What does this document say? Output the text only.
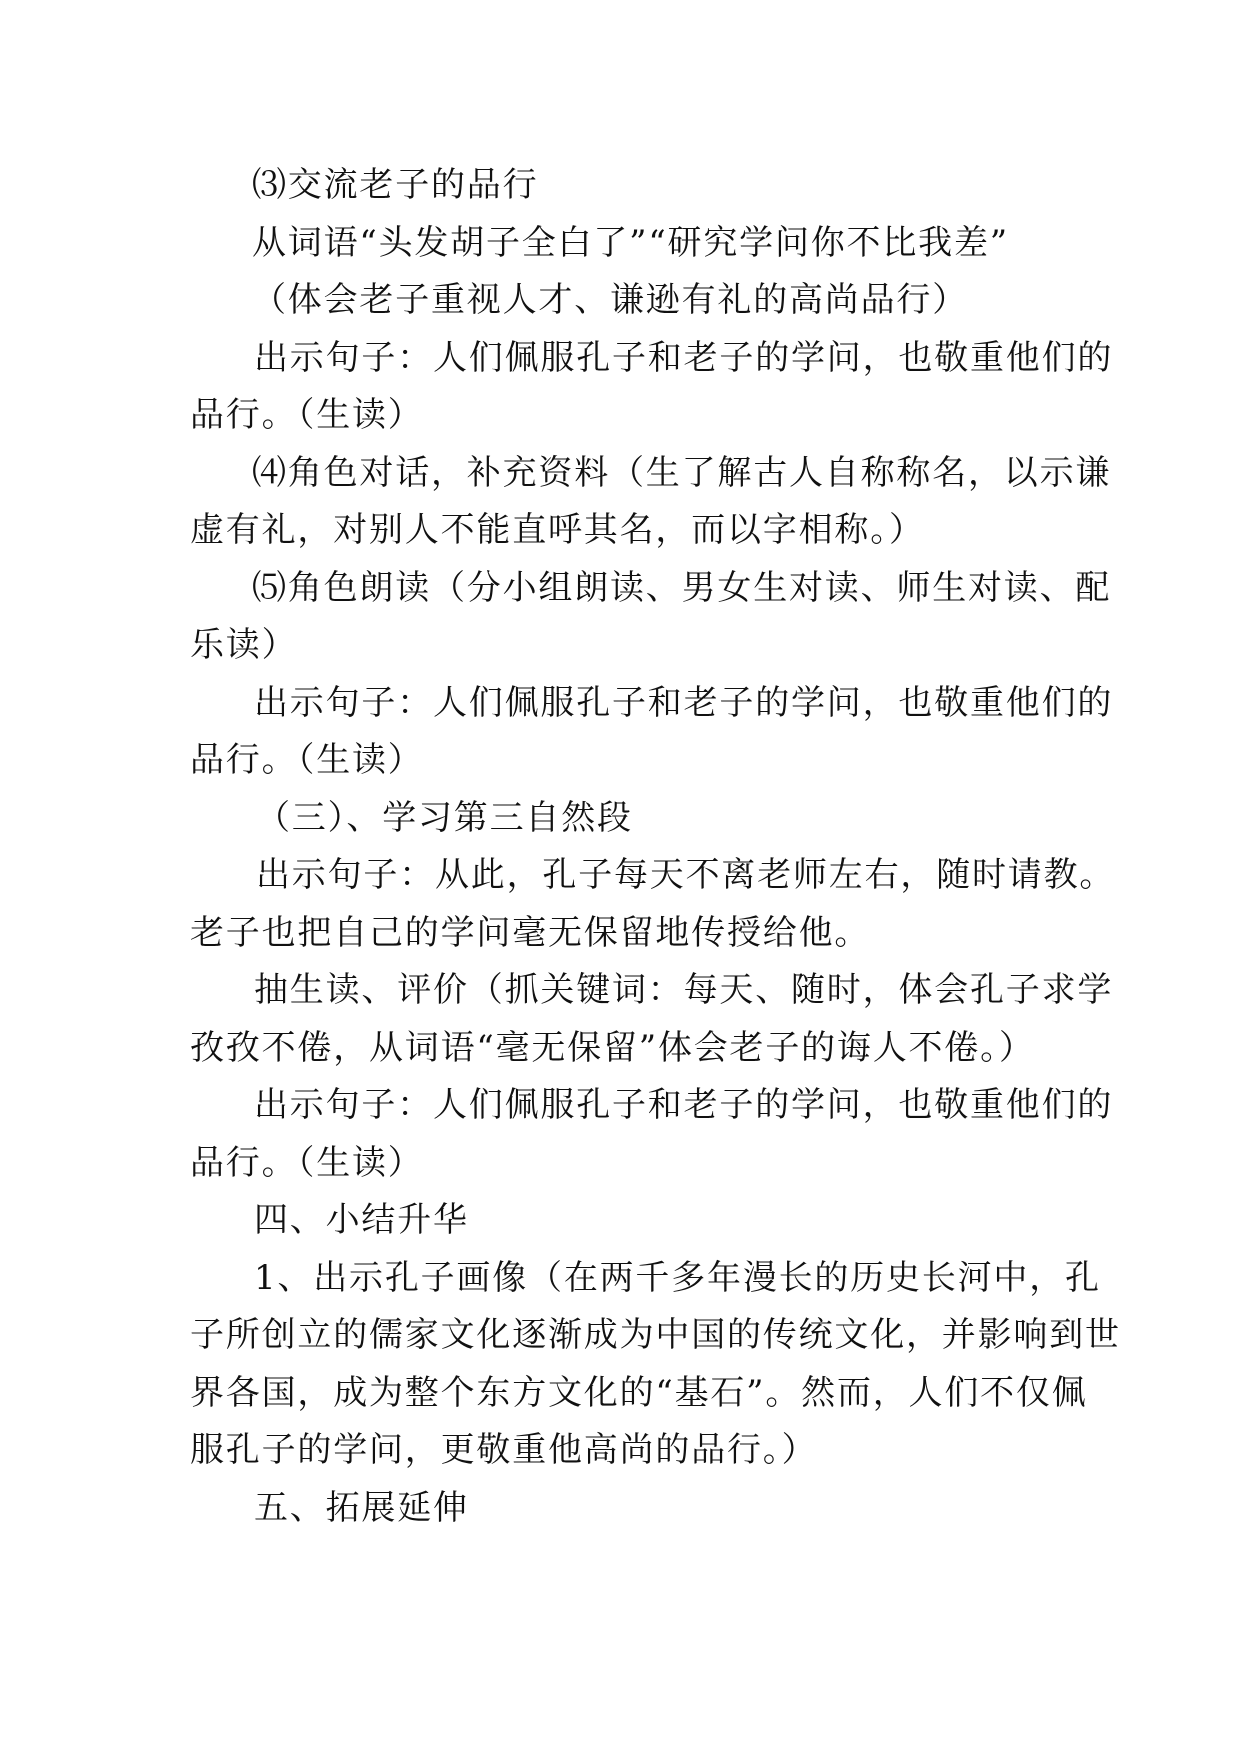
⑶交流老子的品行
从词语“头发胡子全白了”“研究学问你不比我差”
（体会老子重视人才、谦逊有礼的高尚品行）
出示句子：人们佩服孔子和老子的学问，也敬重他们的
品行。（生读）
⑷角色对话，补充资料（生了解古人自称称名，以示谦
虚有礼，对别人不能直呼其名，而以字相称。）
⑸角色朗读（分小组朗读、男女生对读、师生对读、配
乐读）
出示句子：人们佩服孔子和老子的学问，也敬重他们的
品行。（生读）
（三）、学习第三自然段
出示句子：从此，孔子每天不离老师左右，随时请教。
老子也把自己的学问毫无保留地传授给他。
抽生读、评价（抓关键词：每天、随时，体会孔子求学
孜孜不倦，从词语“毫无保留”体会老子的诲人不倦。）
出示句子：人们佩服孔子和老子的学问，也敬重他们的
品行。（生读）
四、小结升华
1、出示孔子画像（在两千多年漫长的历史长河中，孔
子所创立的儒家文化逐渐成为中国的传统文化，并影响到世
界各国，成为整个东方文化的“基石”。然而，人们不仅佩
服孔子的学问，更敬重他高尚的品行。）
五、拓展延伸
